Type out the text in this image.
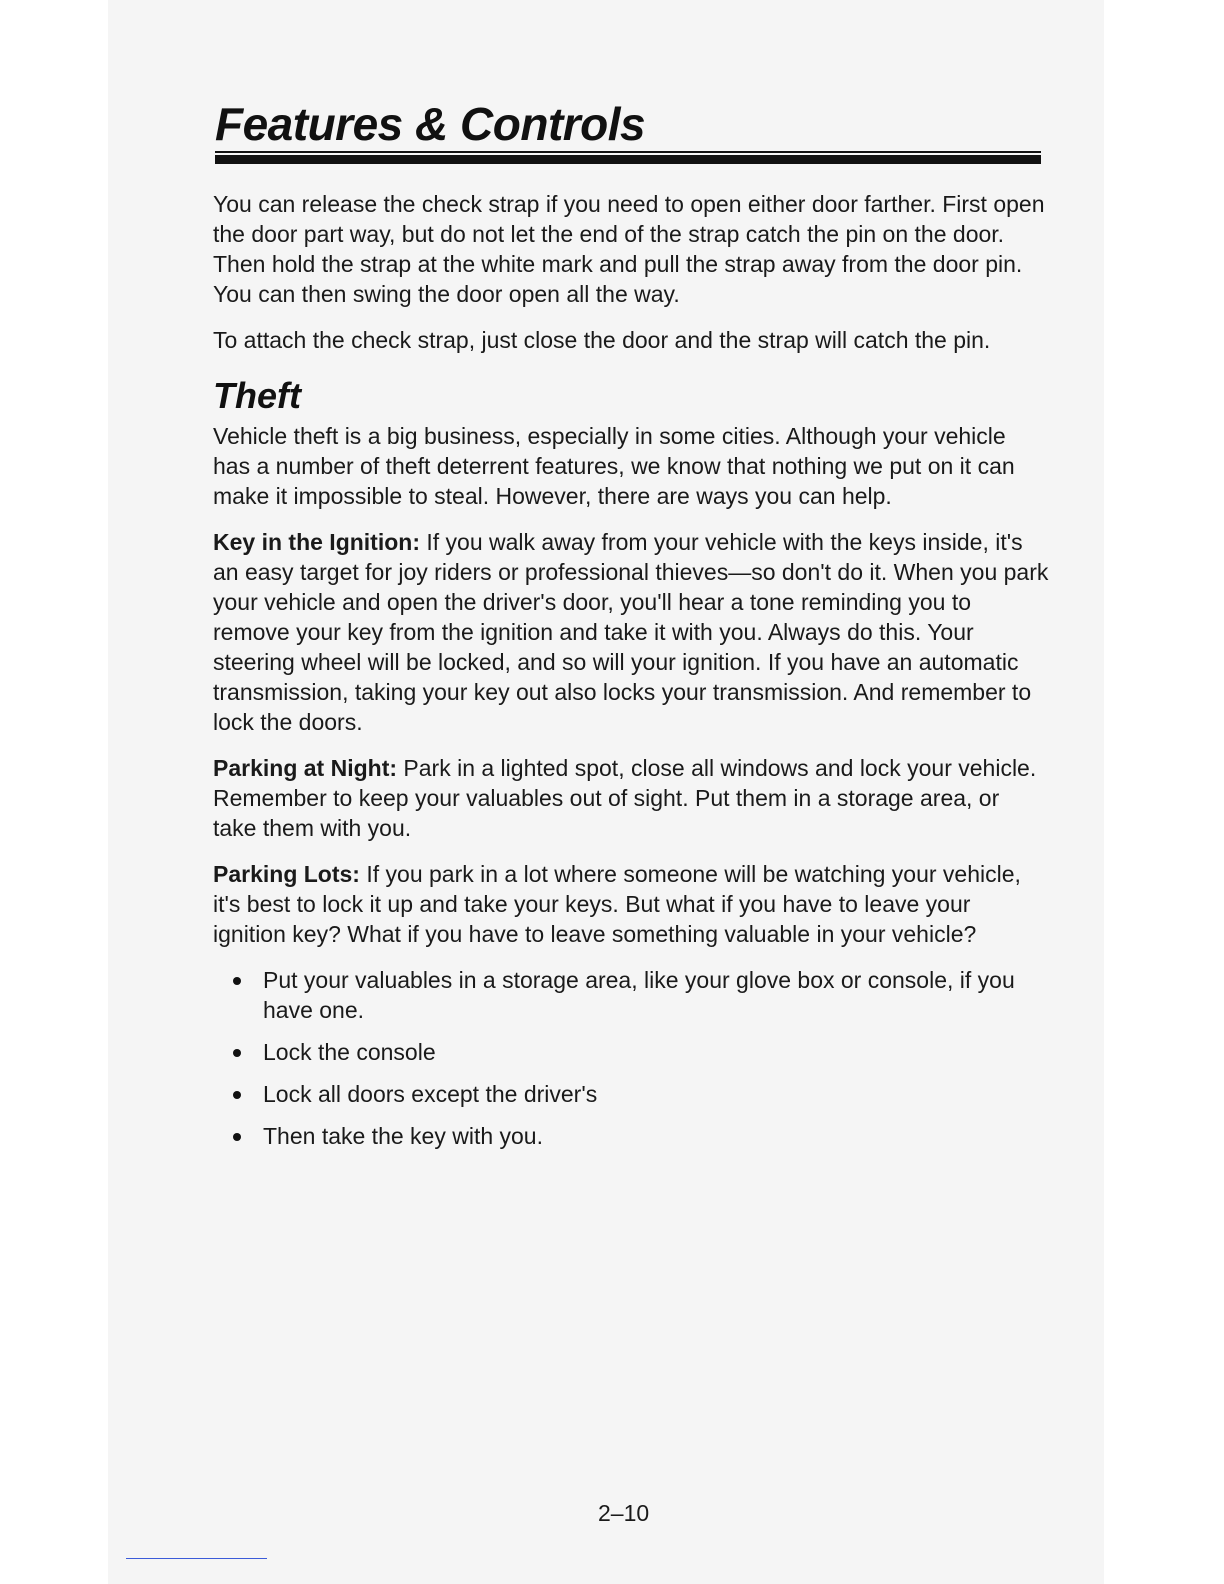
Features & Controls

You can release the check strap if you need to open either door farther. First open the door part way, but do not let the end of the strap catch the pin on the door. Then hold the strap at the white mark and pull the strap away from the door pin. You can then swing the door open all the way.

To attach the check strap, just close the door and the strap will catch the pin.

Theft

Vehicle theft is a big business, especially in some cities. Although your vehicle has a number of theft deterrent features, we know that nothing we put on it can make it impossible to steal. However, there are ways you can help.

Key in the Ignition: If you walk away from your vehicle with the keys inside, it's an easy target for joy riders or professional thieves—so don't do it. When you park your vehicle and open the driver's door, you'll hear a tone reminding you to remove your key from the ignition and take it with you. Always do this. Your steering wheel will be locked, and so will your ignition. If you have an automatic transmission, taking your key out also locks your transmission. And remember to lock the doors.

Parking at Night: Park in a lighted spot, close all windows and lock your vehicle. Remember to keep your valuables out of sight. Put them in a storage area, or take them with you.

Parking Lots: If you park in a lot where someone will be watching your vehicle, it's best to lock it up and take your keys. But what if you have to leave your ignition key? What if you have to leave something valuable in your vehicle?

Put your valuables in a storage area, like your glove box or console, if you have one.
Lock the console
Lock all doors except the driver's
Then take the key with you.
2–10
